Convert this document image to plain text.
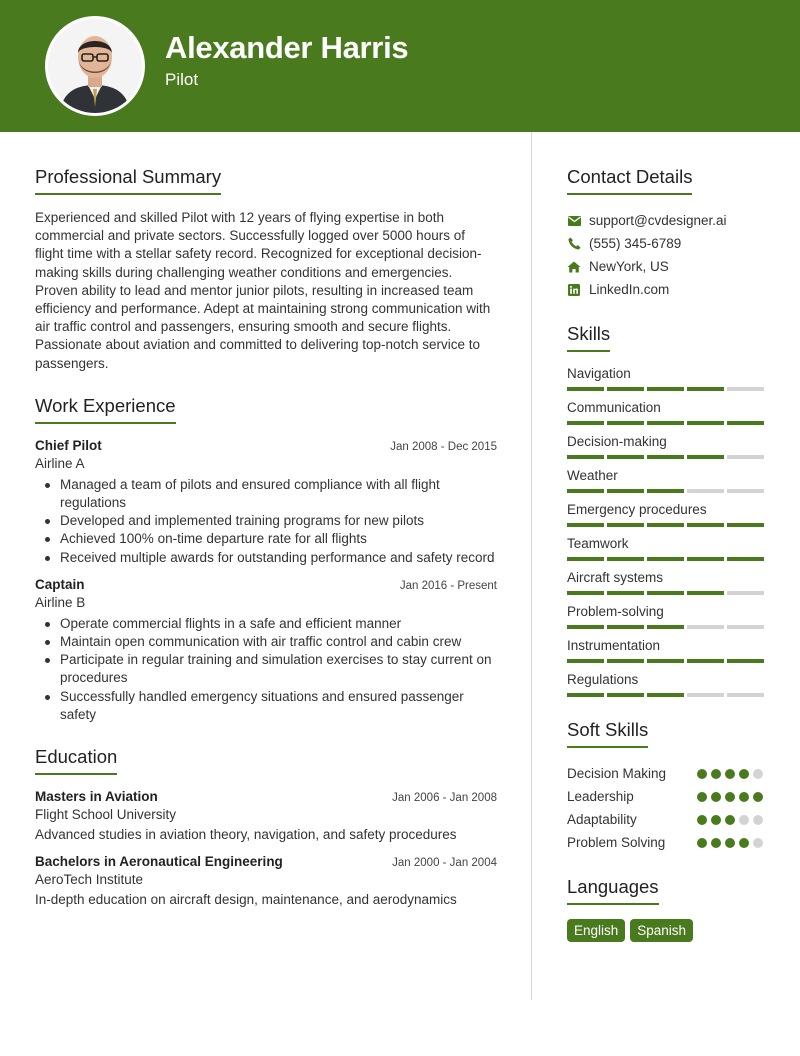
Alexander Harris
Pilot
Professional Summary

Experienced and skilled Pilot with 12 years of flying expertise in both commercial and private sectors. Successfully logged over 5000 hours of flight time with a stellar safety record. Recognized for exceptional decision-making skills during challenging weather conditions and emergencies. Proven ability to lead and mentor junior pilots, resulting in increased team efficiency and performance. Adept at maintaining strong communication with air traffic control and passengers, ensuring smooth and secure flights. Passionate about aviation and committed to delivering top-notch service to passengers.

Work Experience
Chief Pilot	Jan 2008 - Dec 2015
Airline A
Managed a team of pilots and ensured compliance with all flight regulations
Developed and implemented training programs for new pilots
Achieved 100% on-time departure rate for all flights
Received multiple awards for outstanding performance and safety record
Captain	Jan 2016 - Present
Airline B
Operate commercial flights in a safe and efficient manner
Maintain open communication with air traffic control and cabin crew
Participate in regular training and simulation exercises to stay current on procedures
Successfully handled emergency situations and ensured passenger safety
Education
Masters in Aviation	Jan 2006 - Jan 2008
Flight School University
Advanced studies in aviation theory, navigation, and safety procedures
Bachelors in Aeronautical Engineering	Jan 2000 - Jan 2004
AeroTech Institute
In-depth education on aircraft design, maintenance, and aerodynamics
Contact Details
support@cvdesigner.ai
(555) 345-6789
NewYork, US
LinkedIn.com
Skills
Navigation
Communication
Decision-making
Weather
Emergency procedures
Teamwork
Aircraft systems
Problem-solving
Instrumentation
Regulations
Soft Skills
Decision Making
Leadership
Adaptability
Problem Solving
Languages
English	Spanish
